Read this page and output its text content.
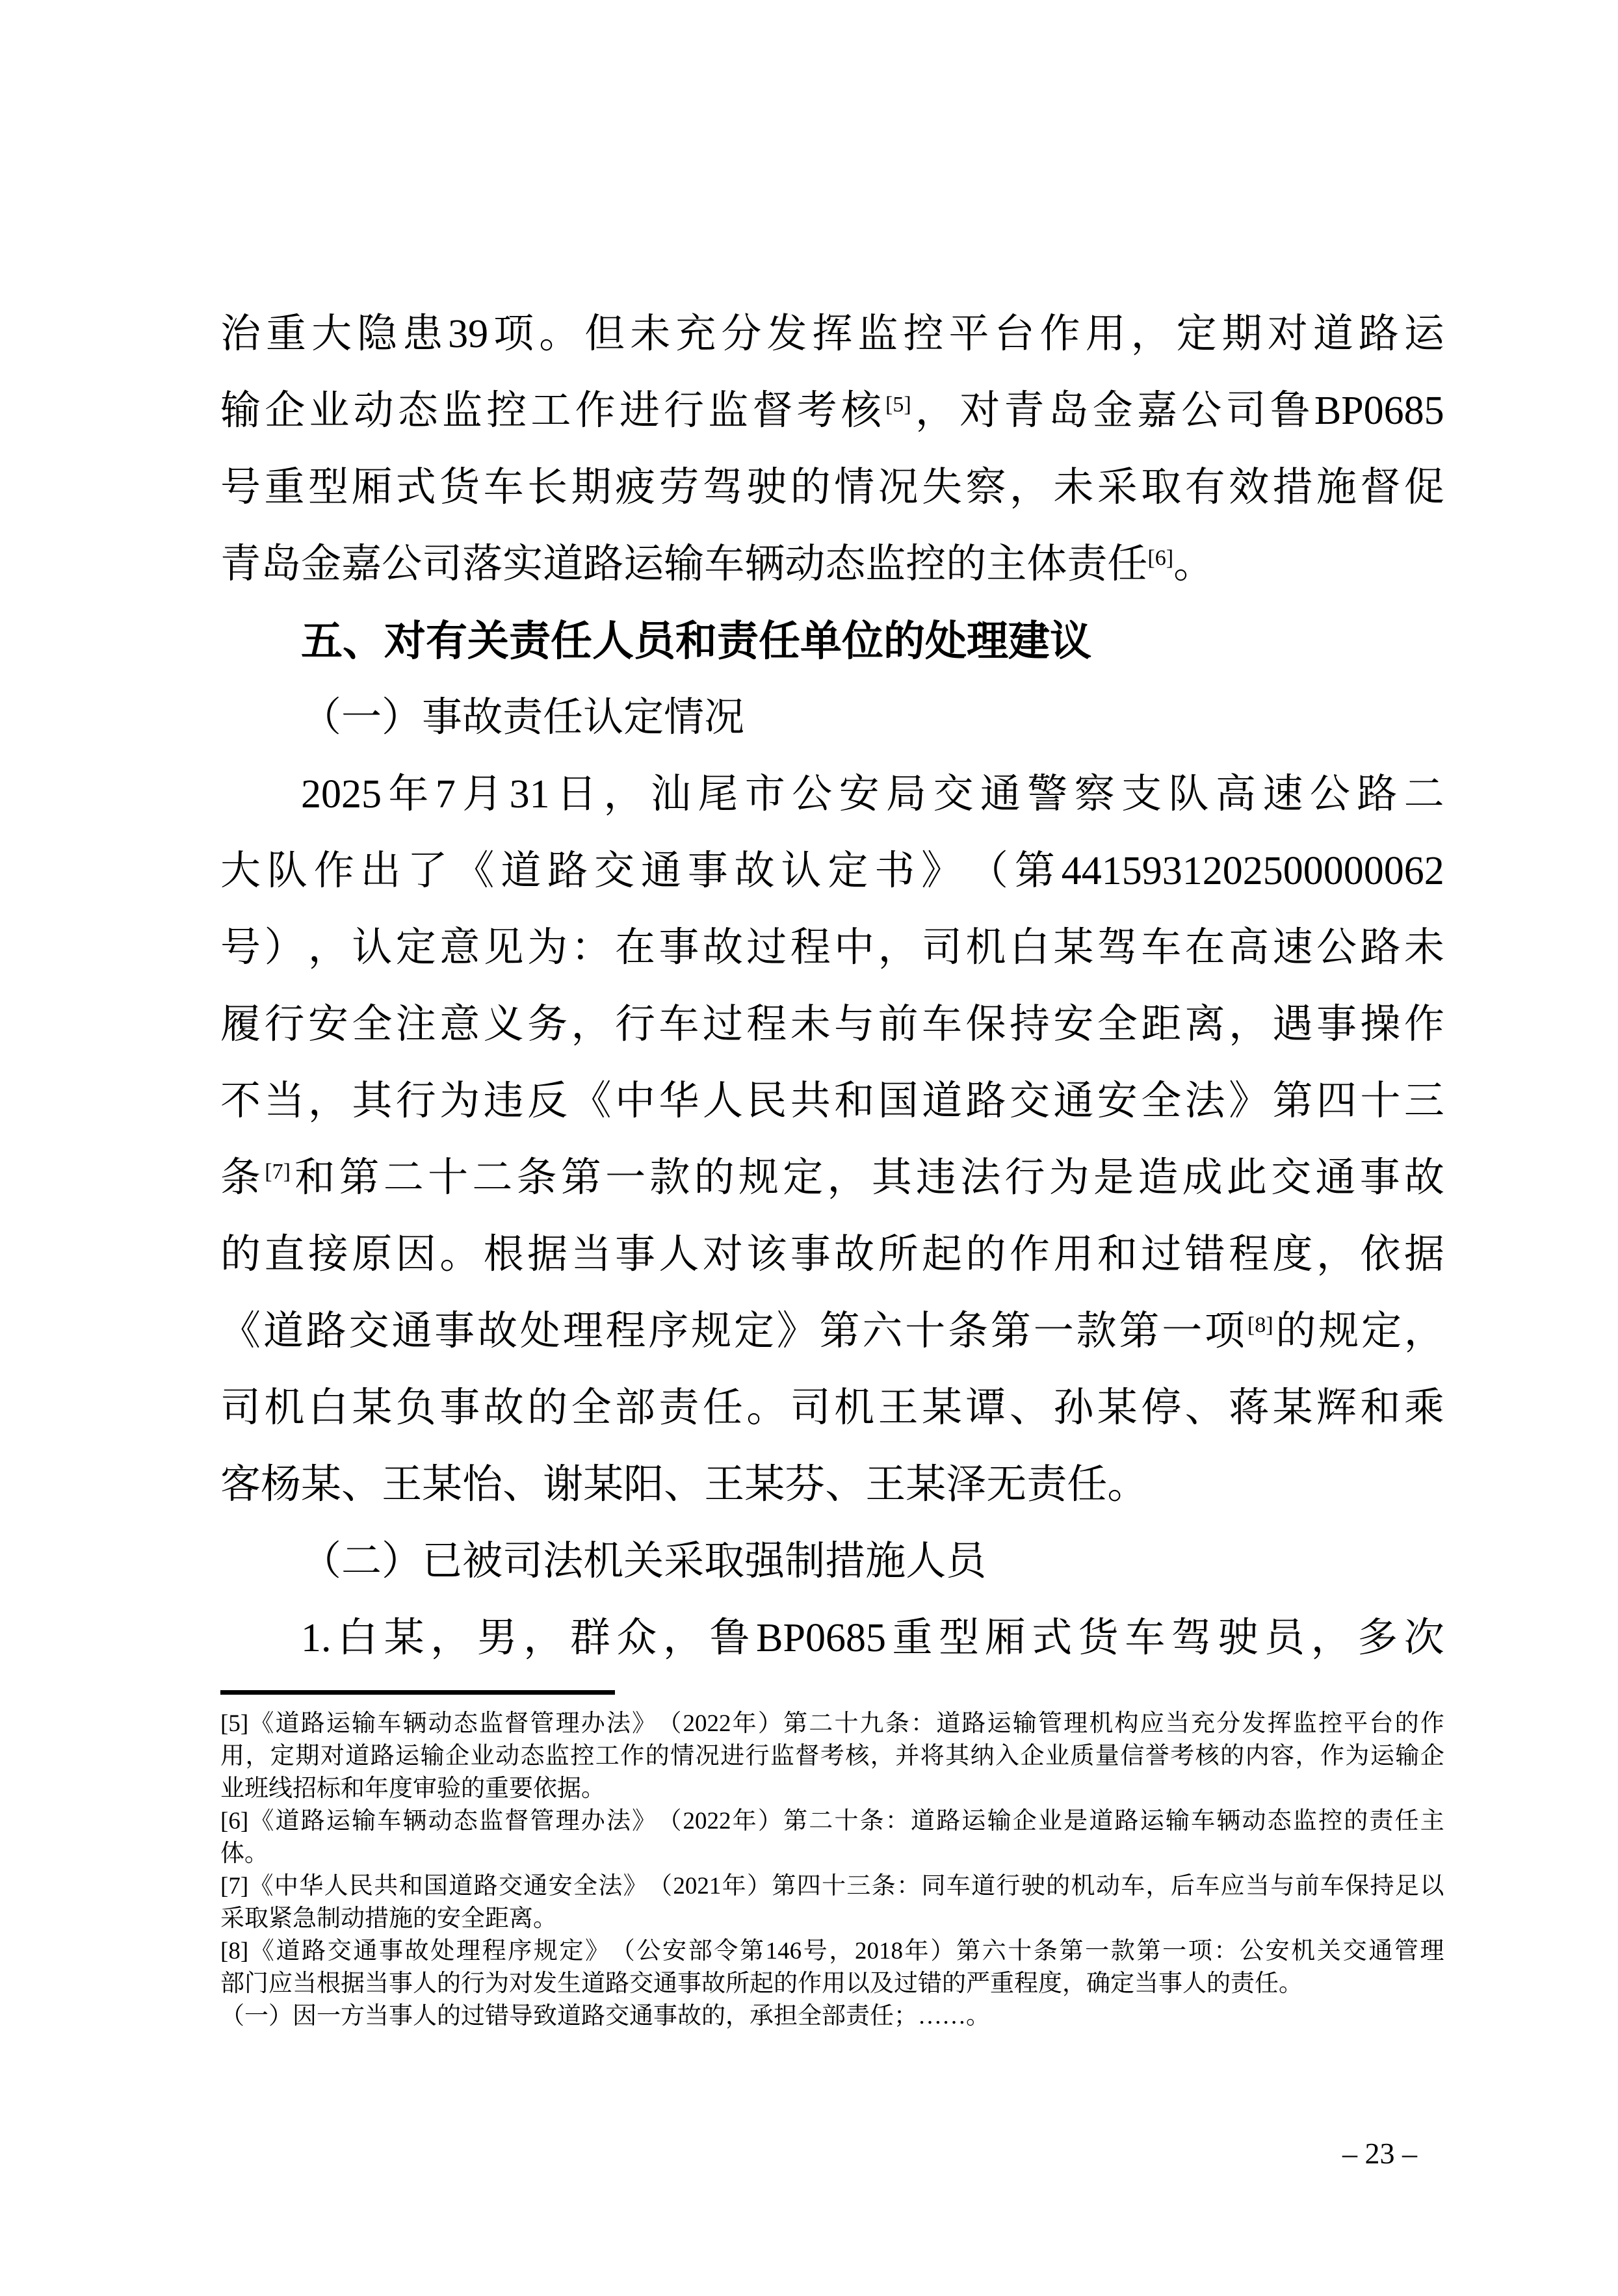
治 重 大 隐 患 39 项 。 但 未 充 分 发 挥 监 控 平 台 作 用 ， 定 期 对 道 路 运
输 企 业 动 态 监 控 工 作 进 行 监 督 考 核 [5] ， 对 青 岛 金 嘉 公 司 鲁 BP0685
号 重 型 厢 式 货 车 长 期 疲 劳 驾 驶 的 情 况 失 察 ， 未 采 取 有 效 措 施 督 促
青 岛 金 嘉 公 司 落 实 道 路 运 输 车 辆 动 态 监 控 的 主 体 责 任 [6] 。
五 、 对 有 关 责 任 人 员 和 责 任 单 位 的 处 理 建 议
（ 一 ） 事 故 责 任 认 定 情 况
2025 年 7 月 31 日 ， 汕 尾 市 公 安 局 交 通 警 察 支 队 高 速 公 路 二
大 队 作 出 了 《 道 路 交 通 事 故 认 定 书 》 （ 第 4415931202500000062
号 ） ， 认 定 意 见 为 ： 在 事 故 过 程 中 ， 司 机 白 某 驾 车 在 高 速 公 路 未
履 行 安 全 注 意 义 务 ， 行 车 过 程 未 与 前 车 保 持 安 全 距 离 ， 遇 事 操 作
不 当 ， 其 行 为 违 反 《 中 华 人 民 共 和 国 道 路 交 通 安 全 法 》 第 四 十 三
条 [7] 和 第 二 十 二 条 第 一 款 的 规 定 ， 其 违 法 行 为 是 造 成 此 交 通 事 故
的 直 接 原 因 。 根 据 当 事 人 对 该 事 故 所 起 的 作 用 和 过 错 程 度 ， 依 据
《 道 路 交 通 事 故 处 理 程 序 规 定 》 第 六 十 条 第 一 款 第 一 项 [8] 的 规 定 ，
司 机 白 某 负 事 故 的 全 部 责 任 。 司 机 王 某 谭 、 孙 某 停 、 蒋 某 辉 和 乘
客 杨 某 、 王 某 怡 、 谢 某 阳 、 王 某 芬 、 王 某 泽 无 责 任 。
（ 二 ） 已 被 司 法 机 关 采 取 强 制 措 施 人 员
1. 白 某 ， 男 ， 群 众 ， 鲁 BP0685 重 型 厢 式 货 车 驾 驶 员 ， 多 次
[5] 《 道 路 运 输 车 辆 动 态 监 督 管 理 办 法 》 （ 2022 年 ） 第 二 十 九 条 ： 道 路 运 输 管 理 机 构 应 当 充 分 发 挥 监 控 平 台 的 作
用 ， 定 期 对 道 路 运 输 企 业 动 态 监 控 工 作 的 情 况 进 行 监 督 考 核 ， 并 将 其 纳 入 企 业 质 量 信 誉 考 核 的 内 容 ， 作 为 运 输 企
业 班 线 招 标 和 年 度 审 验 的 重 要 依 据 。
[6] 《 道 路 运 输 车 辆 动 态 监 督 管 理 办 法 》 （ 2022 年 ） 第 二 十 条 ： 道 路 运 输 企 业 是 道 路 运 输 车 辆 动 态 监 控 的 责 任 主
体 。
[7] 《 中 华 人 民 共 和 国 道 路 交 通 安 全 法 》 （ 2021 年 ） 第 四 十 三 条 ： 同 车 道 行 驶 的 机 动 车 ， 后 车 应 当 与 前 车 保 持 足 以
采 取 紧 急 制 动 措 施 的 安 全 距 离 。
[8] 《 道 路 交 通 事 故 处 理 程 序 规 定 》 （ 公 安 部 令 第 146 号 ， 2018 年 ） 第 六 十 条 第 一 款 第 一 项 ： 公 安 机 关 交 通 管 理
部 门 应 当 根 据 当 事 人 的 行 为 对 发 生 道 路 交 通 事 故 所 起 的 作 用 以 及 过 错 的 严 重 程 度 ， 确 定 当 事 人 的 责 任 。
（ 一 ） 因 一 方 当 事 人 的 过 错 导 致 道 路 交 通 事 故 的 ， 承 担 全 部 责 任 ； … … 。
– 23 –
